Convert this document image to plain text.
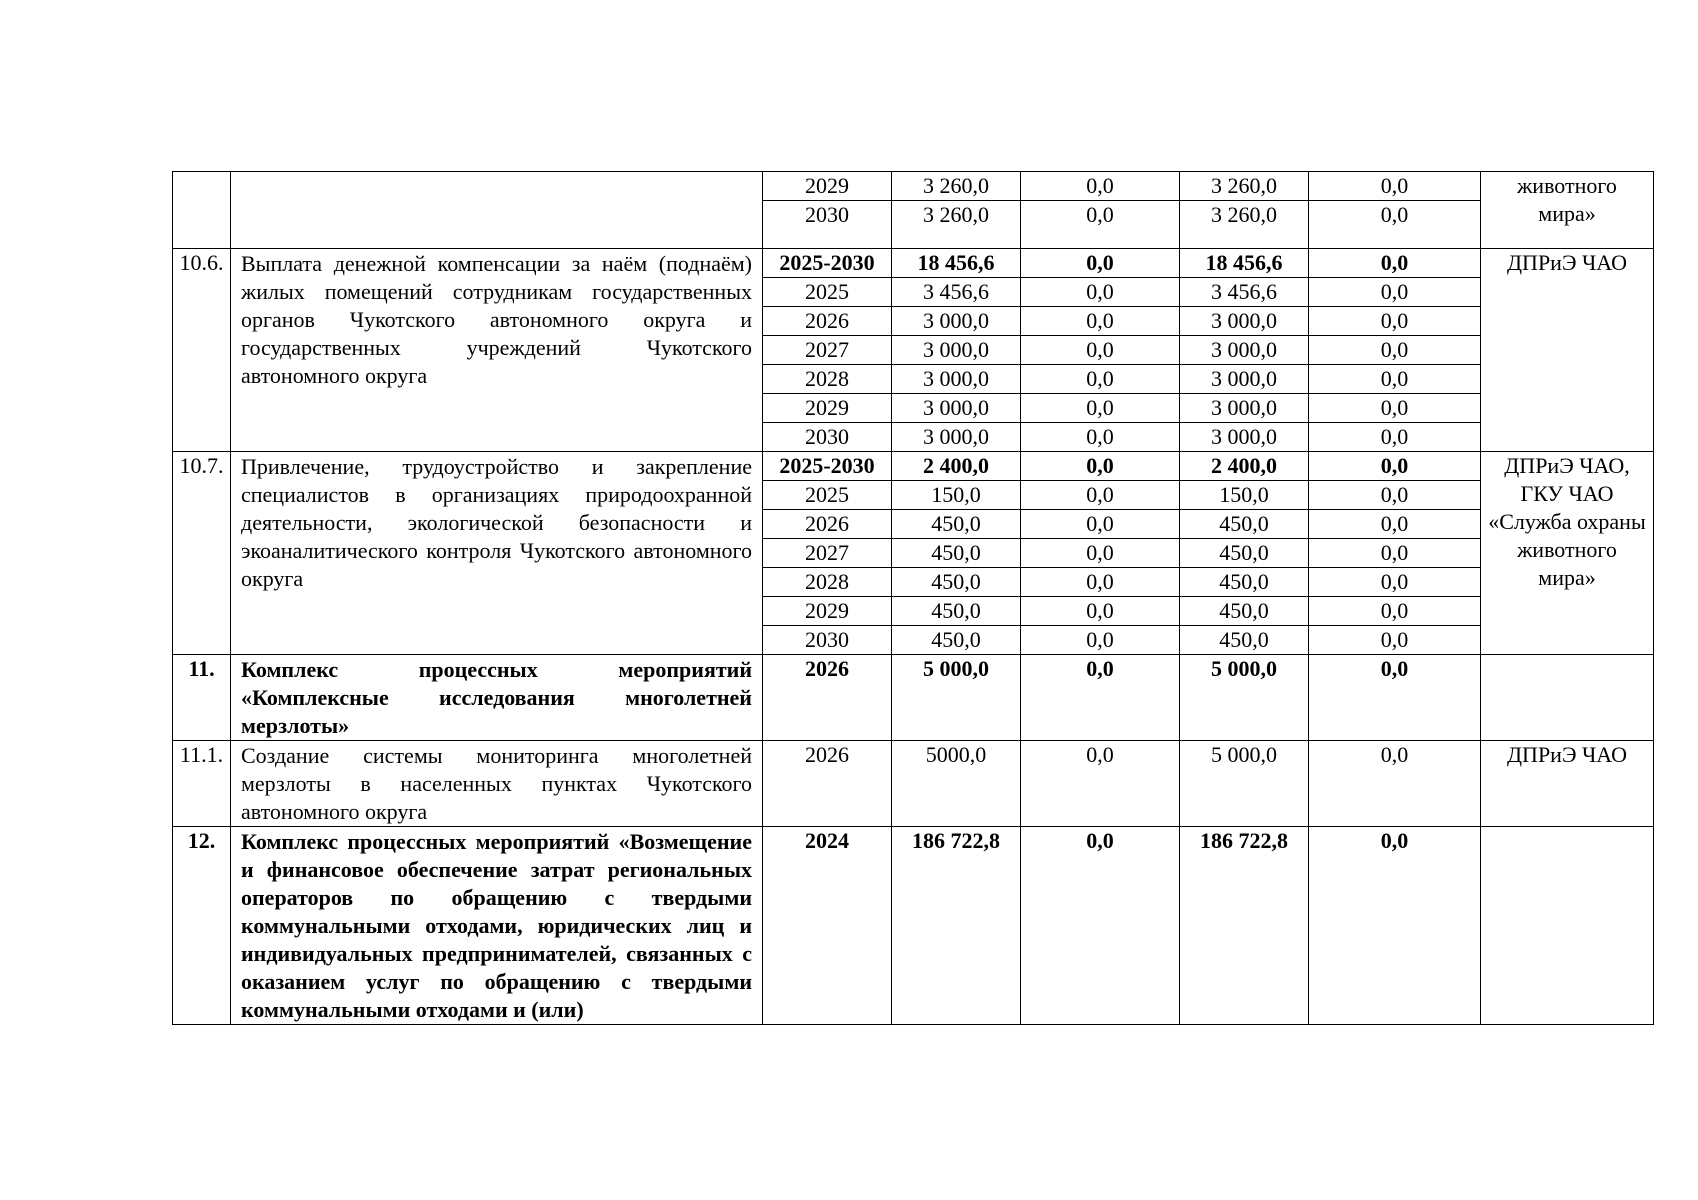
		2029	3 260,0	0,0	3 260,0	0,0	животного мира»
		2030	3 260,0	0,0	3 260,0	0,0	
10.6.	Выплата денежной компенсации за наём (поднаём) жилых помещений сотрудникам государственных органов Чукотского автономного округа и государственных учреждений Чукотского автономного округа	2025-2030	18 456,6	0,0	18 456,6	0,0	ДПРиЭ ЧАО
		2025	3 456,6	0,0	3 456,6	0,0	
		2026	3 000,0	0,0	3 000,0	0,0	
		2027	3 000,0	0,0	3 000,0	0,0	
		2028	3 000,0	0,0	3 000,0	0,0	
		2029	3 000,0	0,0	3 000,0	0,0	
		2030	3 000,0	0,0	3 000,0	0,0	
10.7.	Привлечение, трудоустройство и закрепление специалистов в организациях природоохранной деятельности, экологической безопасности и экоаналитического контроля Чукотского автономного округа	2025-2030	2 400,0	0,0	2 400,0	0,0	ДПРиЭ ЧАО, ГКУ ЧАО «Служба охраны животного мира»
		2025	150,0	0,0	150,0	0,0	
		2026	450,0	0,0	450,0	0,0	
		2027	450,0	0,0	450,0	0,0	
		2028	450,0	0,0	450,0	0,0	
		2029	450,0	0,0	450,0	0,0	
		2030	450,0	0,0	450,0	0,0	
11.	Комплекс процессных мероприятий «Комплексные исследования многолетней мерзлоты»	2026	5 000,0	0,0	5 000,0	0,0	
11.1.	Создание системы мониторинга многолетней мерзлоты в населенных пунктах Чукотского автономного округа	2026	5000,0	0,0	5 000,0	0,0	ДПРиЭ ЧАО
12.	Комплекс процессных мероприятий «Возмещение и финансовое обеспечение затрат региональных операторов по обращению с твердыми коммунальными отходами, юридических лиц и индивидуальных предпринимателей, связанных с оказанием услуг по обращению с твердыми коммунальными отходами и (или)	2024	186 722,8	0,0	186 722,8	0,0	
